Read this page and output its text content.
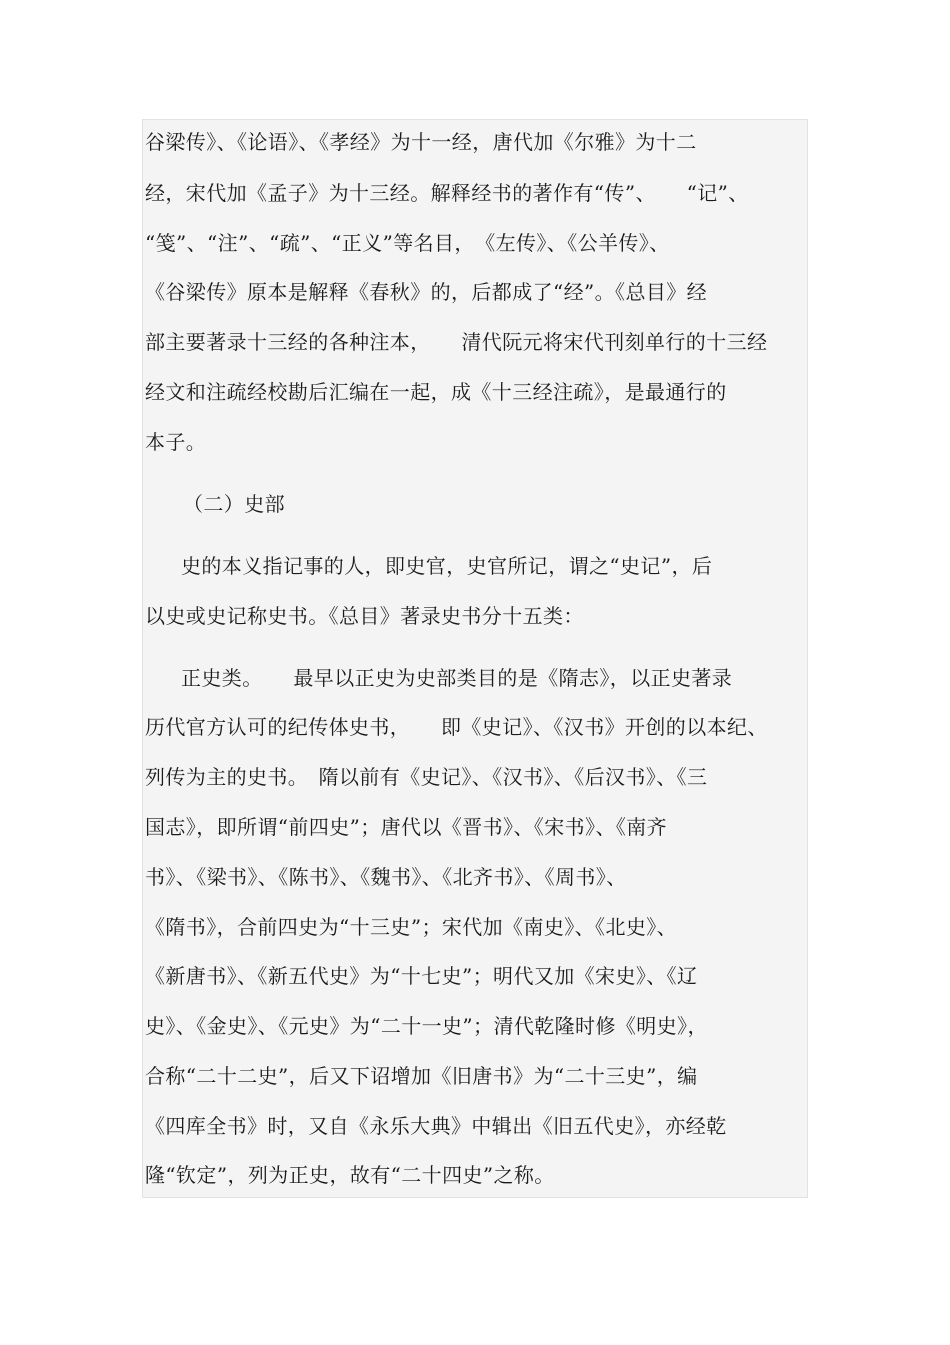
谷梁传》、《论语》、《孝经》为十一经，唐代加《尔雅》为十二
经，宋代加《孟子》为十三经。解释经书的著作有“传”、　　“记”、
“笺”、“注”、“疏”、“正义”等名目，　《左传》、《公羊传》、
《谷梁传》原本是解释《春秋》的，后都成了“经”。《总目》经
部主要著录十三经的各种注本，　　清代阮元将宋代刊刻单行的十三经
经文和注疏经校勘后汇编在一起，成《十三经注疏》，是最通行的
本子。
（二）史部
史的本义指记事的人，即史官，史官所记，谓之“史记”，后
以史或史记称史书。《总目》著录史书分十五类：
正史类。　　最早以正史为史部类目的是《隋志》，以正史著录
历代官方认可的纪传体史书，　　即《史记》、《汉书》开创的以本纪、
列传为主的史书。　隋以前有《史记》、《汉书》、《后汉书》、《三
国志》，即所谓“前四史”；唐代以《晋书》、《宋书》、《南齐
书》、《梁书》、《陈书》、《魏书》、《北齐书》、《周书》、
《隋书》，合前四史为“十三史”；宋代加《南史》、《北史》、
《新唐书》、《新五代史》为“十七史”；明代又加《宋史》、《辽
史》、《金史》、《元史》为“二十一史”；清代乾隆时修《明史》，
合称“二十二史”，后又下诏增加《旧唐书》为“二十三史”，编
《四库全书》时，又自《永乐大典》中辑出《旧五代史》，亦经乾
隆“钦定”，列为正史，故有“二十四史”之称。
